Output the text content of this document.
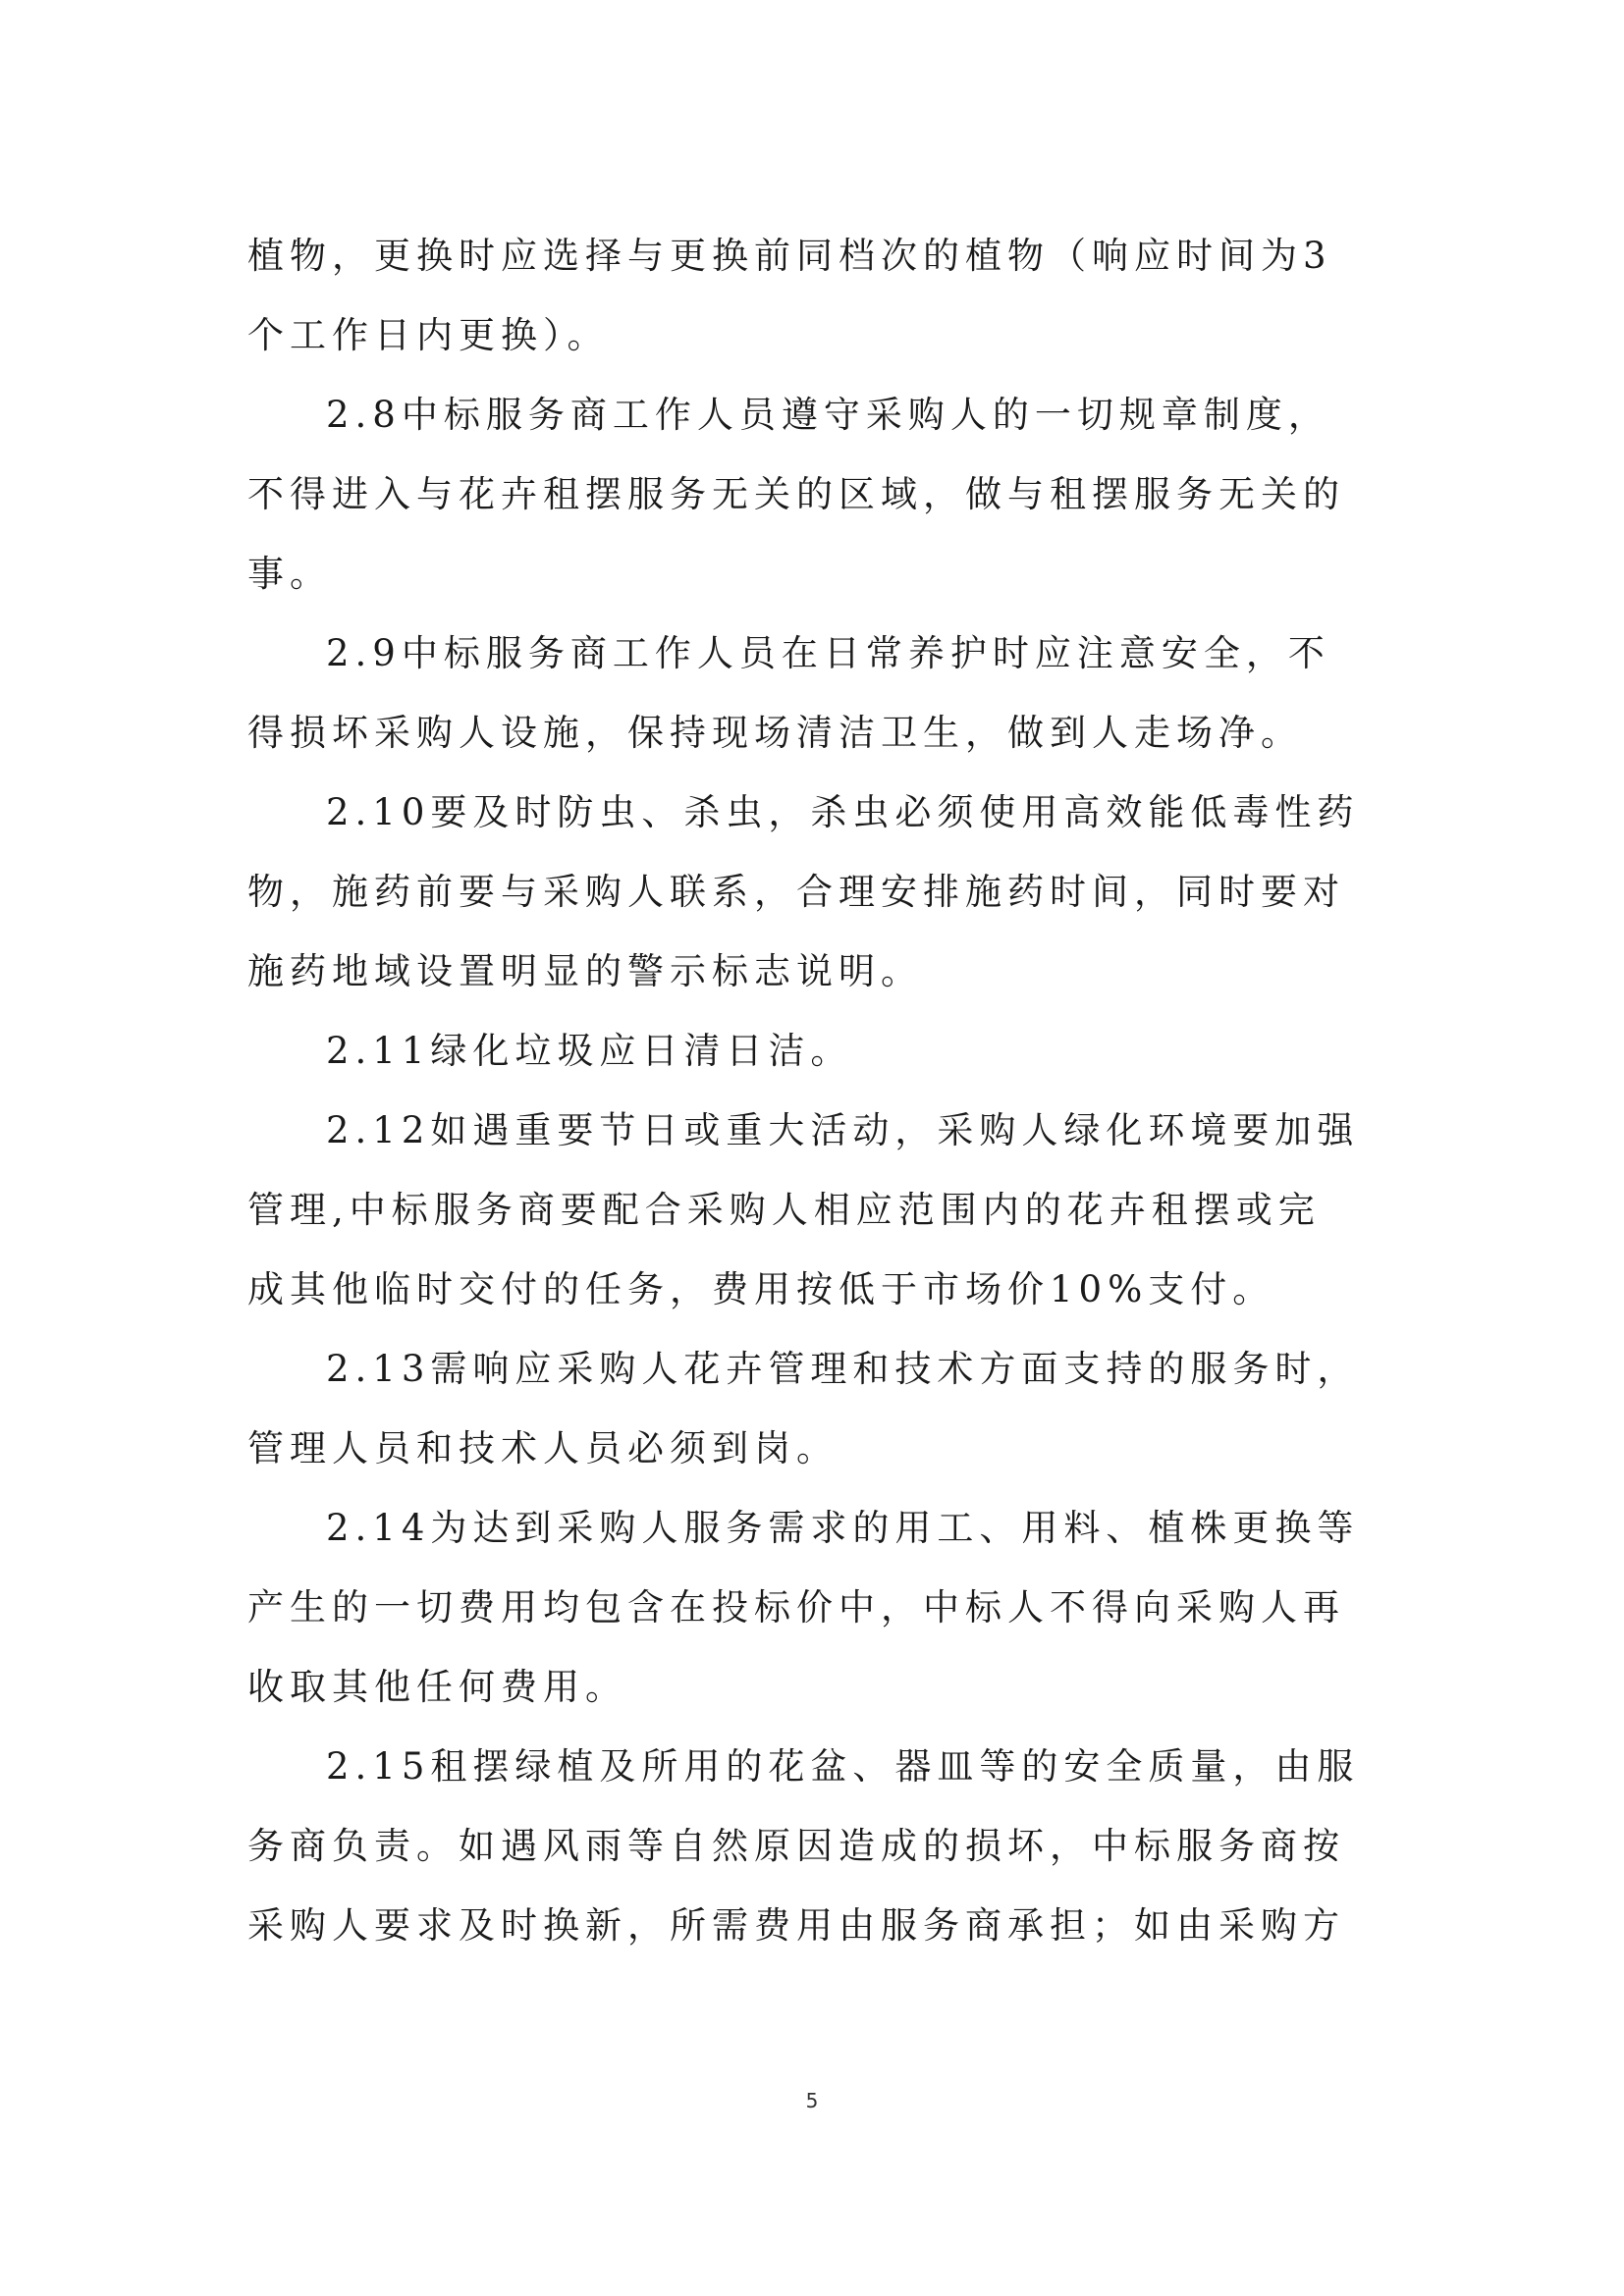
植物，更换时应选择与更换前同档次的植物（响应时间为3
个工作日内更换）。
2.8中标服务商工作人员遵守采购人的一切规章制度，
不得进入与花卉租摆服务无关的区域，做与租摆服务无关的
事。
2.9中标服务商工作人员在日常养护时应注意安全，不
得损坏采购人设施，保持现场清洁卫生，做到人走场净。
2.10要及时防虫、杀虫，杀虫必须使用高效能低毒性药
物，施药前要与采购人联系，合理安排施药时间，同时要对
施药地域设置明显的警示标志说明。
2.11绿化垃圾应日清日洁。
2.12如遇重要节日或重大活动，采购人绿化环境要加强
管理,中标服务商要配合采购人相应范围内的花卉租摆或完
成其他临时交付的任务，费用按低于市场价10%支付。
2.13需响应采购人花卉管理和技术方面支持的服务时，
管理人员和技术人员必须到岗。
2.14为达到采购人服务需求的用工、用料、植株更换等
产生的一切费用均包含在投标价中，中标人不得向采购人再
收取其他任何费用。
2.15租摆绿植及所用的花盆、器皿等的安全质量，由服
务商负责。如遇风雨等自然原因造成的损坏，中标服务商按
采购人要求及时换新，所需费用由服务商承担；如由采购方
5
